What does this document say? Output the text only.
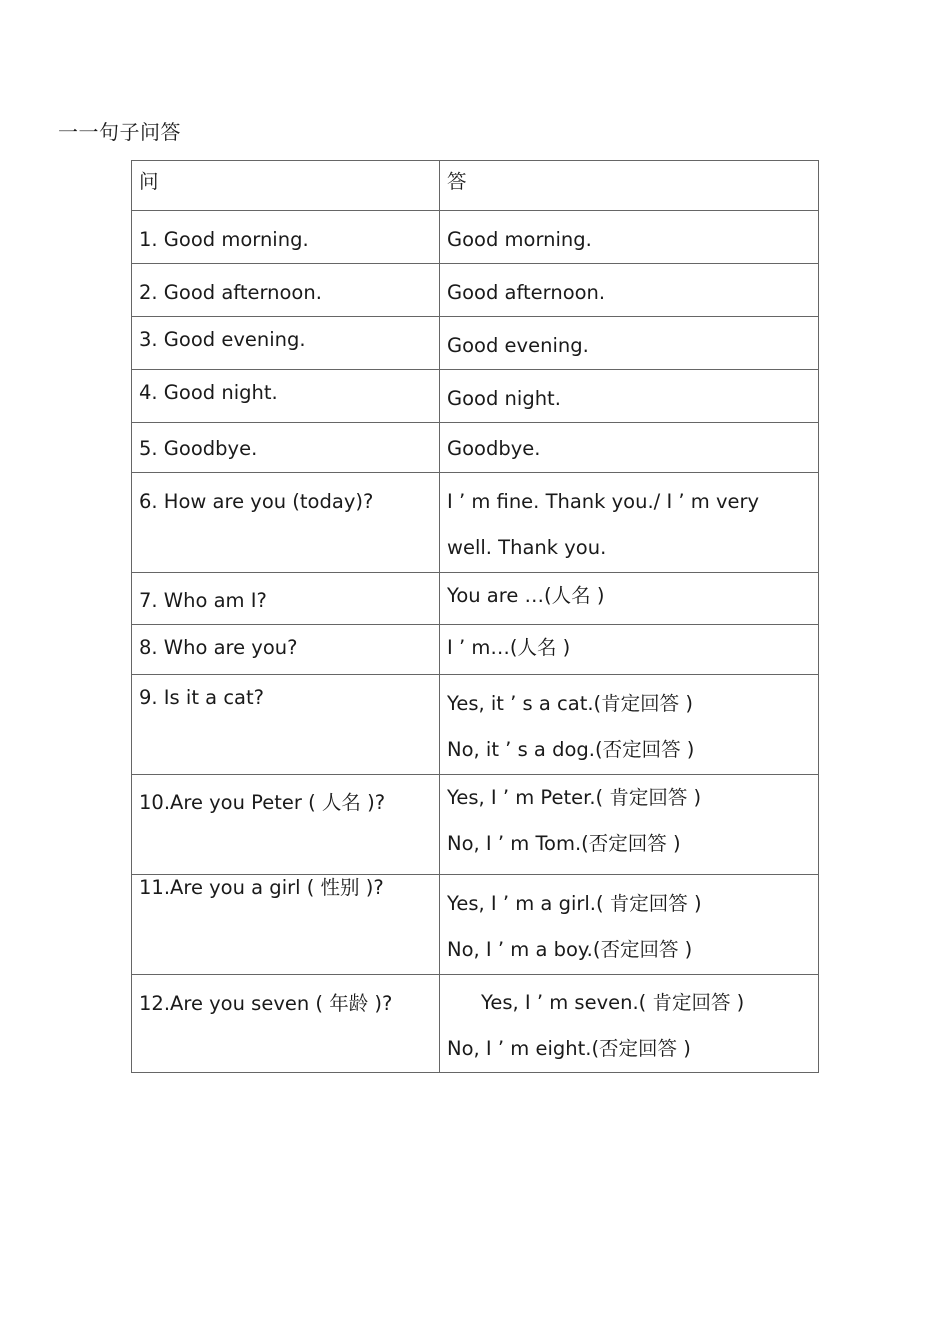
一一句子问答
问	答

1. Good morning.	Good morning.

2. Good afternoon.	Good afternoon.

3. Good evening.	Good evening.

4. Good night.	Good night.

5. Goodbye.	Goodbye.

6. How are you (today)?	I ’ m fine. Thank you./ I ’ m very
well. Thank you.

7. Who am I?	You are …(人名 )

8. Who are you?	I ’ m…(人名 )

9. Is it a cat?	Yes, it ’ s a cat.(肯定回答 )
No, it ’ s a dog.(否定回答 )

10.Are you Peter ( 人名 )?	Yes, I ’ m Peter.( 肯定回答 )
No, I ’ m Tom.(否定回答 )

11.Are you a girl ( 性别 )?	Yes, I ’ m a girl.( 肯定回答 )
No, I ’ m a boy.(否定回答 )

12.Are you seven ( 年龄 )?	Yes, I ’ m seven.( 肯定回答 )
No, I ’ m eight.(否定回答 )
